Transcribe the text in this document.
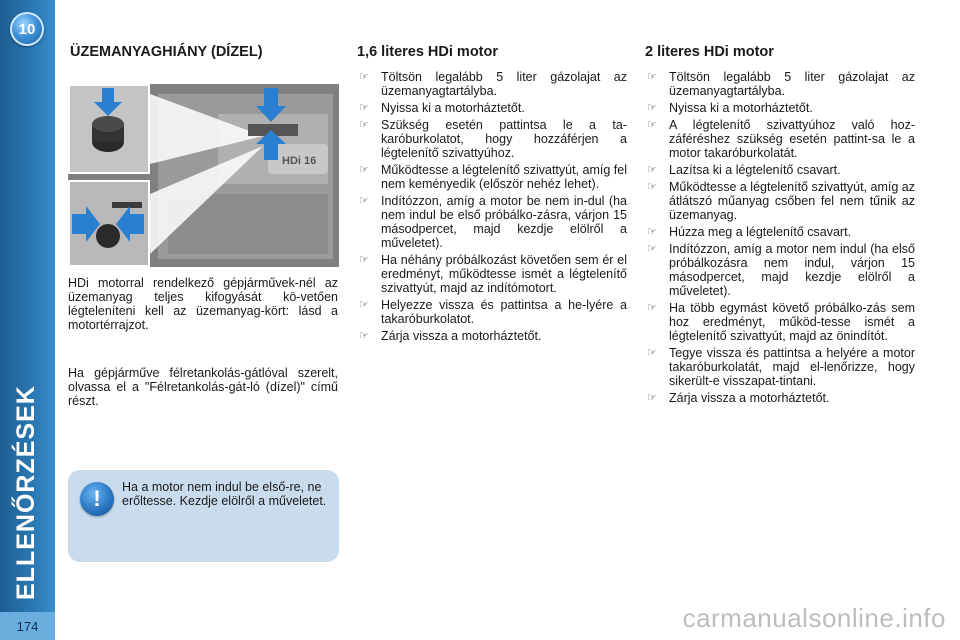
10
ELLENŐRZÉSEK
174
ÜZEMANYAGHIÁNY (DÍZEL)
HDi 16

HDi motorral rendelkező gépjárművek-nél az üzemanyag teljes kifogyását kö-vetően légteleníteni kell az üzemanyag-kört: lásd a motortérrajzot.

Ha gépjárműve félretankolás-gátlóval szerelt, olvassa el a "Félretankolás-gát-ló (dízel)" című részt.

!	Ha a motor nem indul be első-re, ne erőltesse. Kezdje elölről a műveletet.

1,6 literes HDi motor
☞ Töltsön legalább 5 liter gázolajat az üzemanyagtartályba.
☞ Nyissa ki a motorháztetőt.
☞ Szükség esetén pattintsa le a ta-karóburkolatot, hogy hozzáférjen a légtelenítő szivattyúhoz.
☞ Működtesse a légtelenítő szivattyút, amíg fel nem keményedik (először nehéz lehet).
☞ Indítózzon, amíg a motor be nem in-dul (ha nem indul be első próbálko-zásra, várjon 15 másodpercet, majd kezdje elölről a műveletet).
☞ Ha néhány próbálkozást követően sem ér el eredményt, működtesse ismét a légtelenítő szivattyút, majd az indítómotort.
☞ Helyezze vissza és pattintsa a he-lyére a takaróburkolatot.
☞ Zárja vissza a motorháztetőt.
2 literes HDi motor
☞ Töltsön legalább 5 liter gázolajat az üzemanyagtartályba.
☞ Nyissa ki a motorháztetőt.
☞ A légtelenítő szivattyúhoz való hoz-záféréshez szükség esetén pattint-sa le a motor takaróburkolatát.
☞ Lazítsa ki a légtelenítő csavart.
☞ Működtesse a légtelenítő szivattyút, amíg az átlátszó műanyag csőben fel nem tűnik az üzemanyag.
☞ Húzza meg a légtelenítő csavart.
☞ Indítózzon, amíg a motor nem indul (ha első próbálkozásra nem indul, várjon 15 másodpercet, majd kezdje elölről a műveletet).
☞ Ha több egymást követő próbálko-zás sem hoz eredményt, működ-tesse ismét a légtelenítő szivattyút, majd az önindítót.
☞ Tegye vissza és pattintsa a helyére a motor takaróburkolatát, majd el-lenőrizze, hogy sikerült-e visszapat-tintani.
☞ Zárja vissza a motorháztetőt.
carmanualsonline.info
